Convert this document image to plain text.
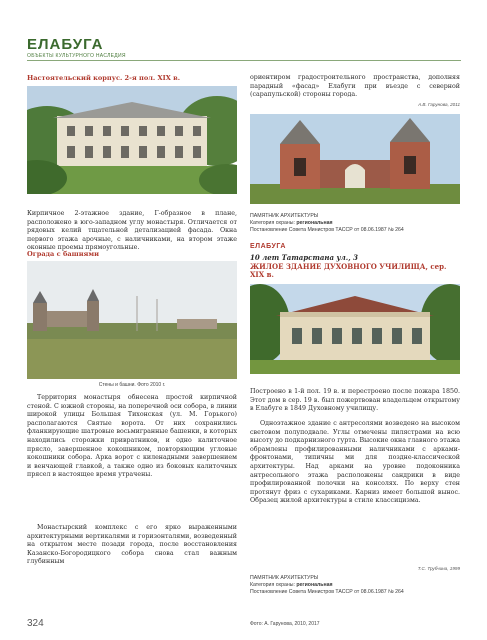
ЕЛАБУГА
ОБЪЕКТЫ КУЛЬТУРНОГО НАСЛЕДИЯ
Настоятельский корпус. 2-я пол. XIX в.
Кирпичное 2-этажное здание, Г-образное в плане, расположено в юго-западном углу монастыря. Отличается от рядовых келий тщательной детализацией фасада. Окна первого этажа арочные, с наличниками, на втором этаже оконные проемы прямоугольные.
Ограда с башнями
Стены и башни. Фото 2010 г.
Территория монастыря обнесена простой кирпичной стеной. С южной стороны, на поперечной оси собора, в линии широкой улицы Большая Тихонская (ул. М. Горького) располагаются Святые ворота. От них сохранились фланкирующие шатровые восьмигранные башенки, в которых находились сторожки привратников, и одно калиточное прясло, завершенное кокошником, повторяющим угловые кокошники собора. Арка ворот с киленадными завершением и венчающей главкой, а также одно из боковых калиточных прясел в настоящее время утрачены.
Монастырский комплекс с его ярко выраженными архитектурными вертикалями и горизонталями, возведенный на открытом месте позади города, после восстановления Казанско-Богородицкого собора снова стал важным глубинным
324
ориентиром градостроительного пространства, дополняя парадный «фасад» Елабуги при въезде с северной (сарапульской) стороны города.
А.В. Гарунова, 2011
ПАМЯТНИК АРХИТЕКТУРЫ
Категория охраны: региональная
Постановление Совета Министров ТАССР от 08.06.1987 № 264
ЕЛАБУГА
10 лет Татарстана ул., 3
ЖИЛОЕ ЗДАНИЕ ДУХОВНОГО УЧИЛИЩА, сер. XIX в.
Построено в 1-й пол. 19 в. и перестроено после пожара 1850. Этот дом в сер. 19 в. был пожертвован владельцем открытому в Елабуге в 1849 Духовному училищу.
Одноэтажное здание с антресолями возведено на высоком световом полуподвале. Углы отмечены пилястрами на всю высоту до подкарнизного гурта. Высокие окна главного этажа обрамлены профилированными наличниками с арками-фронтонами, типичны ми для поздне-классической архитектуры. Над арками на уровне подоконника антресольного этажа расположены сандрики в виде профилированной полочки на консолях. По верху стен протянут фриз с сухариками. Карниз имеет большой вынос. Образец жилой архитектуры в стиле классицизма.
Т.С. Трубчина, 1999
ПАМЯТНИК АРХИТЕКТУРЫ
Категория охраны: региональная
Постановление Совета Министров ТАССР от 08.06.1987 № 264
Фото: А. Гарунова, 2010, 2017
